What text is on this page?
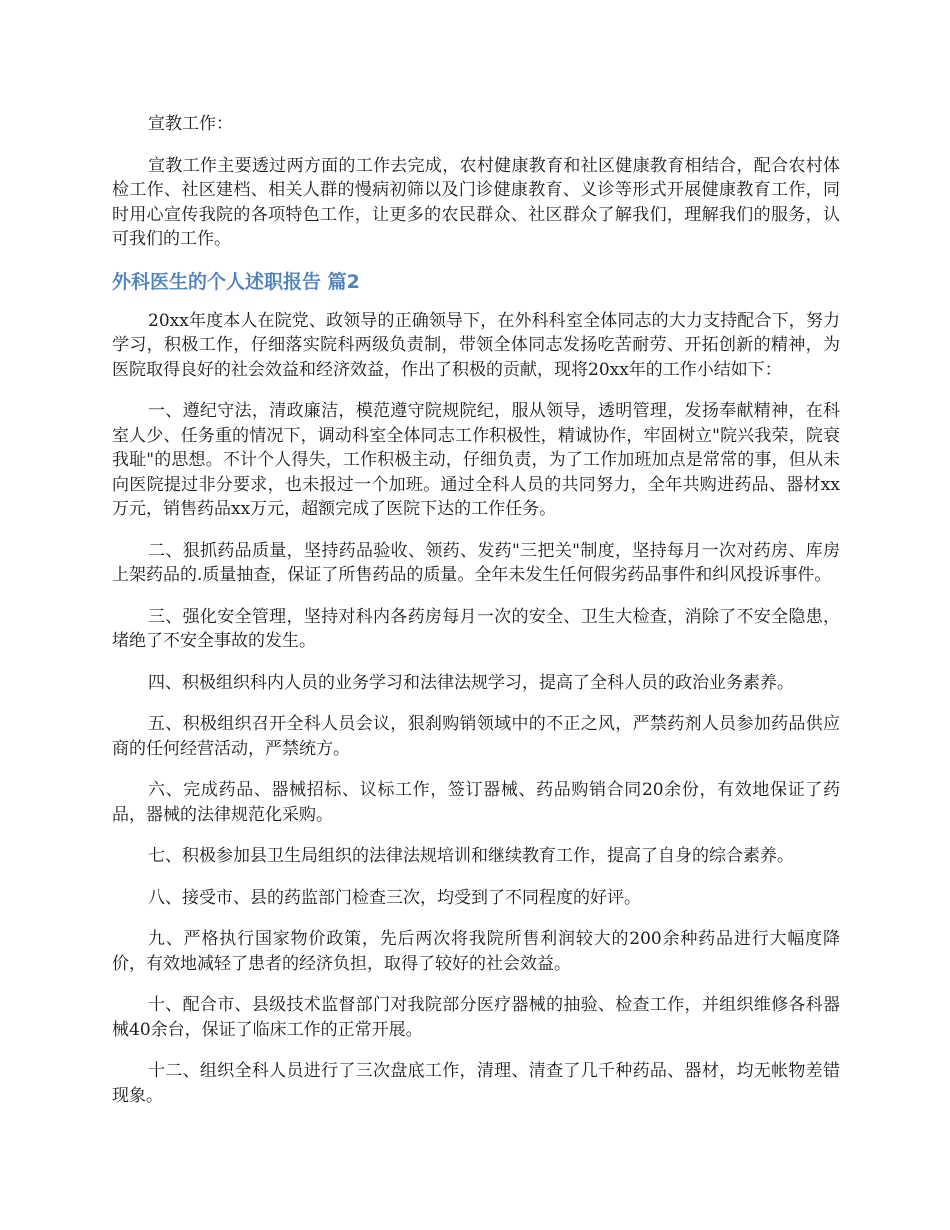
宣教工作：

宣教工作主要透过两方面的工作去完成，农村健康教育和社区健康教育相结合，配合农村体检工作、社区建档、相关人群的慢病初筛以及门诊健康教育、义诊等形式开展健康教育工作，同时用心宣传我院的各项特色工作，让更多的农民群众、社区群众了解我们，理解我们的服务，认可我们的工作。

外科医生的个人述职报告 篇2

20xx年度本人在院党、政领导的正确领导下，在外科科室全体同志的大力支持配合下，努力学习，积极工作，仔细落实院科两级负责制，带领全体同志发扬吃苦耐劳、开拓创新的精神，为医院取得良好的社会效益和经济效益，作出了积极的贡献，现将20xx年的工作小结如下：

一、遵纪守法，清政廉洁，模范遵守院规院纪，服从领导，透明管理，发扬奉献精神，在科室人少、任务重的情况下，调动科室全体同志工作积极性，精诚协作，牢固树立"院兴我荣，院衰我耻"的思想。不计个人得失，工作积极主动，仔细负责，为了工作加班加点是常常的事，但从未向医院提过非分要求，也未报过一个加班。通过全科人员的共同努力，全年共购进药品、器材xx万元，销售药品xx万元，超额完成了医院下达的工作任务。

二、狠抓药品质量，坚持药品验收、领药、发药"三把关"制度，坚持每月一次对药房、库房上架药品的.质量抽查，保证了所售药品的质量。全年未发生任何假劣药品事件和纠风投诉事件。

三、强化安全管理，坚持对科内各药房每月一次的安全、卫生大检查，消除了不安全隐患，堵绝了不安全事故的发生。

四、积极组织科内人员的业务学习和法律法规学习，提高了全科人员的政治业务素养。

五、积极组织召开全科人员会议，狠刹购销领域中的不正之风，严禁药剂人员参加药品供应商的任何经营活动，严禁统方。

六、完成药品、器械招标、议标工作，签订器械、药品购销合同20余份，有效地保证了药品，器械的法律规范化采购。

七、积极参加县卫生局组织的法律法规培训和继续教育工作，提高了自身的综合素养。

八、接受市、县的药监部门检查三次，均受到了不同程度的好评。

九、严格执行国家物价政策，先后两次将我院所售利润较大的200余种药品进行大幅度降价，有效地减轻了患者的经济负担，取得了较好的社会效益。

十、配合市、县级技术监督部门对我院部分医疗器械的抽验、检查工作，并组织维修各科器械40余台，保证了临床工作的正常开展。

十二、组织全科人员进行了三次盘底工作，清理、清查了几千种药品、器材，均无帐物差错现象。
